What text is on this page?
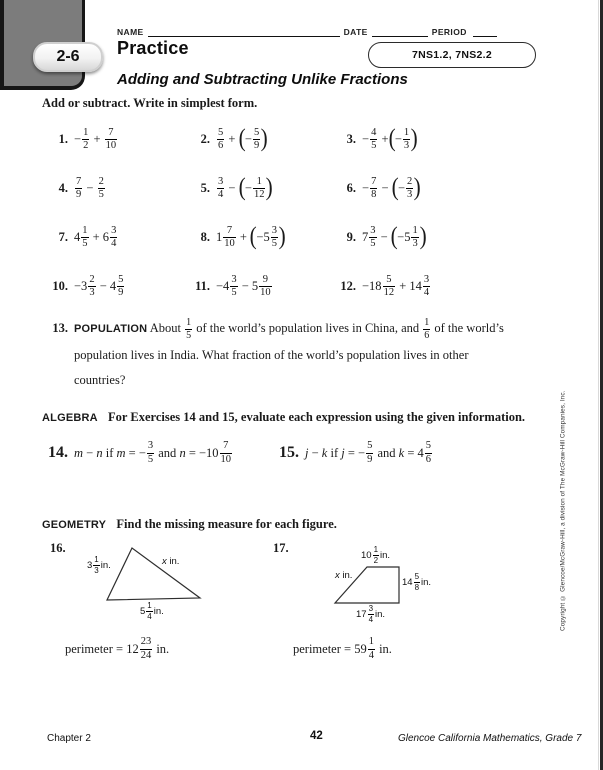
2-6
NAME	DATE	PERIOD
Practice	7NS1.2, 7NS2.2
Adding and Subtracting Unlike Fractions
Add or subtract. Write in simplest form.
1. − $\frac{1}{2} + \frac{7}{10}$	2. $\frac{5}{6}$ + ( − $\frac{5}{9}$ )	3. − $\frac{4}{5}$ + ( − $\frac{1}{3}$ )
4. $\frac{7}{9} - \frac{2}{5}$	5. $\frac{3}{4}$ − ( − $\frac{1}{12}$ )	6. − $\frac{7}{8}$ − ( − $\frac{2}{3}$ )
7. $4 \frac{1}{5} + 6 \frac{3}{4}$	8. $1 \frac{7}{10}$ + ( $-5 \frac{3}{5}$ )	9. $7 \frac{3}{5}$ − ( $-5 \frac{1}{3}$ )
10. $-3 \frac{2}{3} - 4 \frac{5}{9}$	11. $-4 \frac{3}{5} - 5 \frac{9}{10}$	12. $-18 \frac{5}{12} + 14 \frac{3}{4}$
13. POPULATION About $\frac{1}{5}$ of the world’s population lives in China, and $\frac{1}{6}$ of the world’s population lives in India. What fraction of the world’s population lives in other countries?
ALGEBRA  For Exercises 14 and 15, evaluate each expression using the given information.
14. m − n if m = − $\frac{3}{5}$ and $n = -10 \frac{7}{10}$	15. j − k if j = − $\frac{5}{9}$ and $k = 4 \frac{5}{6}$
GEOMETRY  Find the missing measure for each figure.
16.	17.
$3 \frac{1}{3}$ in.	x in.
$5 \frac{1}{4}$ in.
$10 \frac{1}{2}$ in.
x in.
$14 \frac{5}{8}$ in.
$17 \frac{3}{4}$ in.
perimeter = $12 \frac{23}{24}$ in.	perimeter = $59 \frac{1}{4}$ in.
Copyright © Glencoe/McGraw-Hill, a division of The McGraw-Hill Companies, Inc.
Chapter 2	42	Glencoe California Mathematics, Grade 7
